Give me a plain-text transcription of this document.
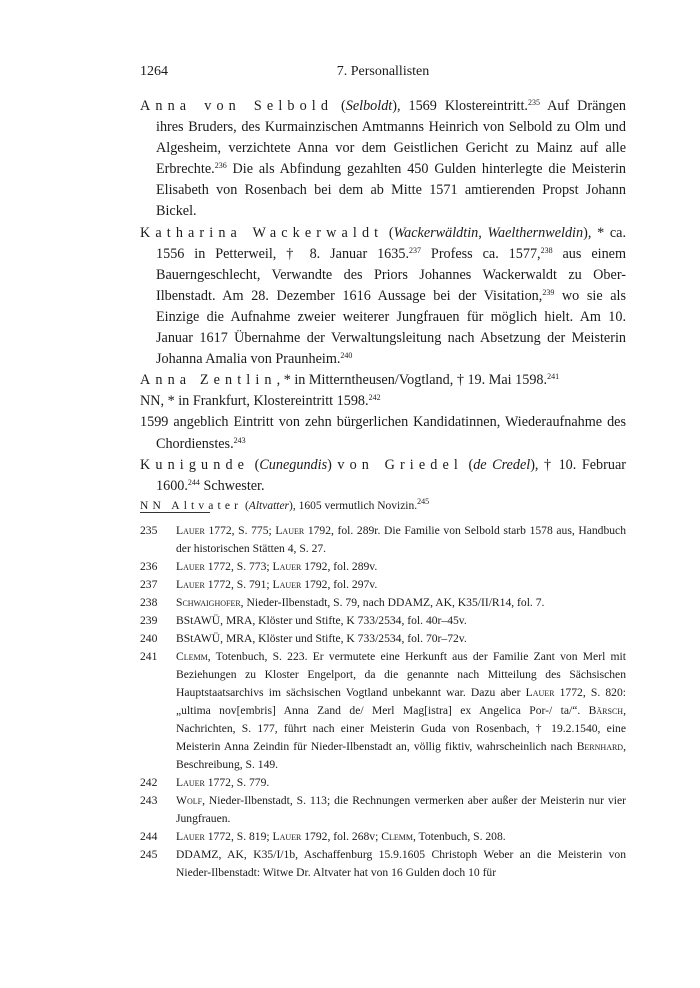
1264	7. Personallisten

Anna von Selbold (Selboldt), 1569 Klostereintritt.$^{235}$ Auf Drängen ihres Bruders, des Kurmainzischen Amtmanns Heinrich von Selbold zu Olm und Algesheim, verzichtete Anna vor dem Geistlichen Gericht zu Mainz auf alle Erbrechte.$^{236}$ Die als Abfindung gezahlten 450 Gulden hinterlegte die Meisterin Elisabeth von Rosenbach bei dem ab Mitte 1571 amtierenden Propst Johann Bickel.

Katharina Wackerwaldt (Wackerwäldtin, Waelthernweldin), * ca. 1556 in Petterweil, † 8. Januar 1635.$^{237}$ Profess ca. 1577,$^{238}$ aus einem Bauerngeschlecht, Verwandte des Priors Johannes Wackerwaldt zu Ober-Ilbenstadt. Am 28. Dezember 1616 Aussage bei der Visitation,$^{239}$ wo sie als Einzige die Aufnahme zweier weiterer Jungfrauen für möglich hielt. Am 10. Januar 1617 Übernahme der Verwaltungsleitung nach Absetzung der Meisterin Johanna Amalia von Praunheim.$^{240}$

Anna Zentlin, * in Mitterntheusen/Vogtland, † 19. Mai 1598.$^{241}$

NN, * in Frankfurt, Klostereintritt 1598.$^{242}$

1599 angeblich Eintritt von zehn bürgerlichen Kandidatinnen, Wiederaufnahme des Chordienstes.$^{243}$

Kunigunde (Cunegundis) von Griedel (de Credel), † 10. Februar 1600.$^{244}$ Schwester.

NN Altvater (Altvatter), 1605 vermutlich Novizin.$^{245}$

235 Lauer 1772, S. 775; Lauer 1792, fol. 289r. Die Familie von Selbold starb 1578 aus, Handbuch der historischen Stätten 4, S. 27.

236 Lauer 1772, S. 773; Lauer 1792, fol. 289v.

237 Lauer 1772, S. 791; Lauer 1792, fol. 297v.

238 Schwaighofer, Nieder-Ilbenstadt, S. 79, nach DDAMZ, AK, K35/II/R14, fol. 7.

239 BStAWÜ, MRA, Klöster und Stifte, K 733/2534, fol. 40r–45v.

240 BStAWÜ, MRA, Klöster und Stifte, K 733/2534, fol. 70r–72v.

241 Clemm, Totenbuch, S. 223. Er vermutete eine Herkunft aus der Familie Zant von Merl mit Beziehungen zu Kloster Engelport, da die genannte nach Mitteilung des Sächsischen Hauptstaatsarchivs im sächsischen Vogtland unbekannt war. Dazu aber Lauer 1772, S. 820: „ultima nov[embris] Anna Zand de/ Merl Mag[istra] ex Angelica Por-/ ta/“. Bärsch, Nachrichten, S. 177, führt nach einer Meisterin Guda von Rosenbach, † 19.2.1540, eine Meisterin Anna Zeindin für Nieder-Ilbenstadt an, völlig fiktiv, wahrscheinlich nach Bernhard, Beschreibung, S. 149.

242 Lauer 1772, S. 779.

243 Wolf, Nieder-Ilbenstadt, S. 113; die Rechnungen vermerken aber außer der Meisterin nur vier Jungfrauen.

244 Lauer 1772, S. 819; Lauer 1792, fol. 268v; Clemm, Totenbuch, S. 208.

245 DDAMZ, AK, K35/I/1b, Aschaffenburg 15.9.1605 Christoph Weber an die Meisterin von Nieder-Ilbenstadt: Witwe Dr. Altvater hat von 16 Gulden doch 10 für
